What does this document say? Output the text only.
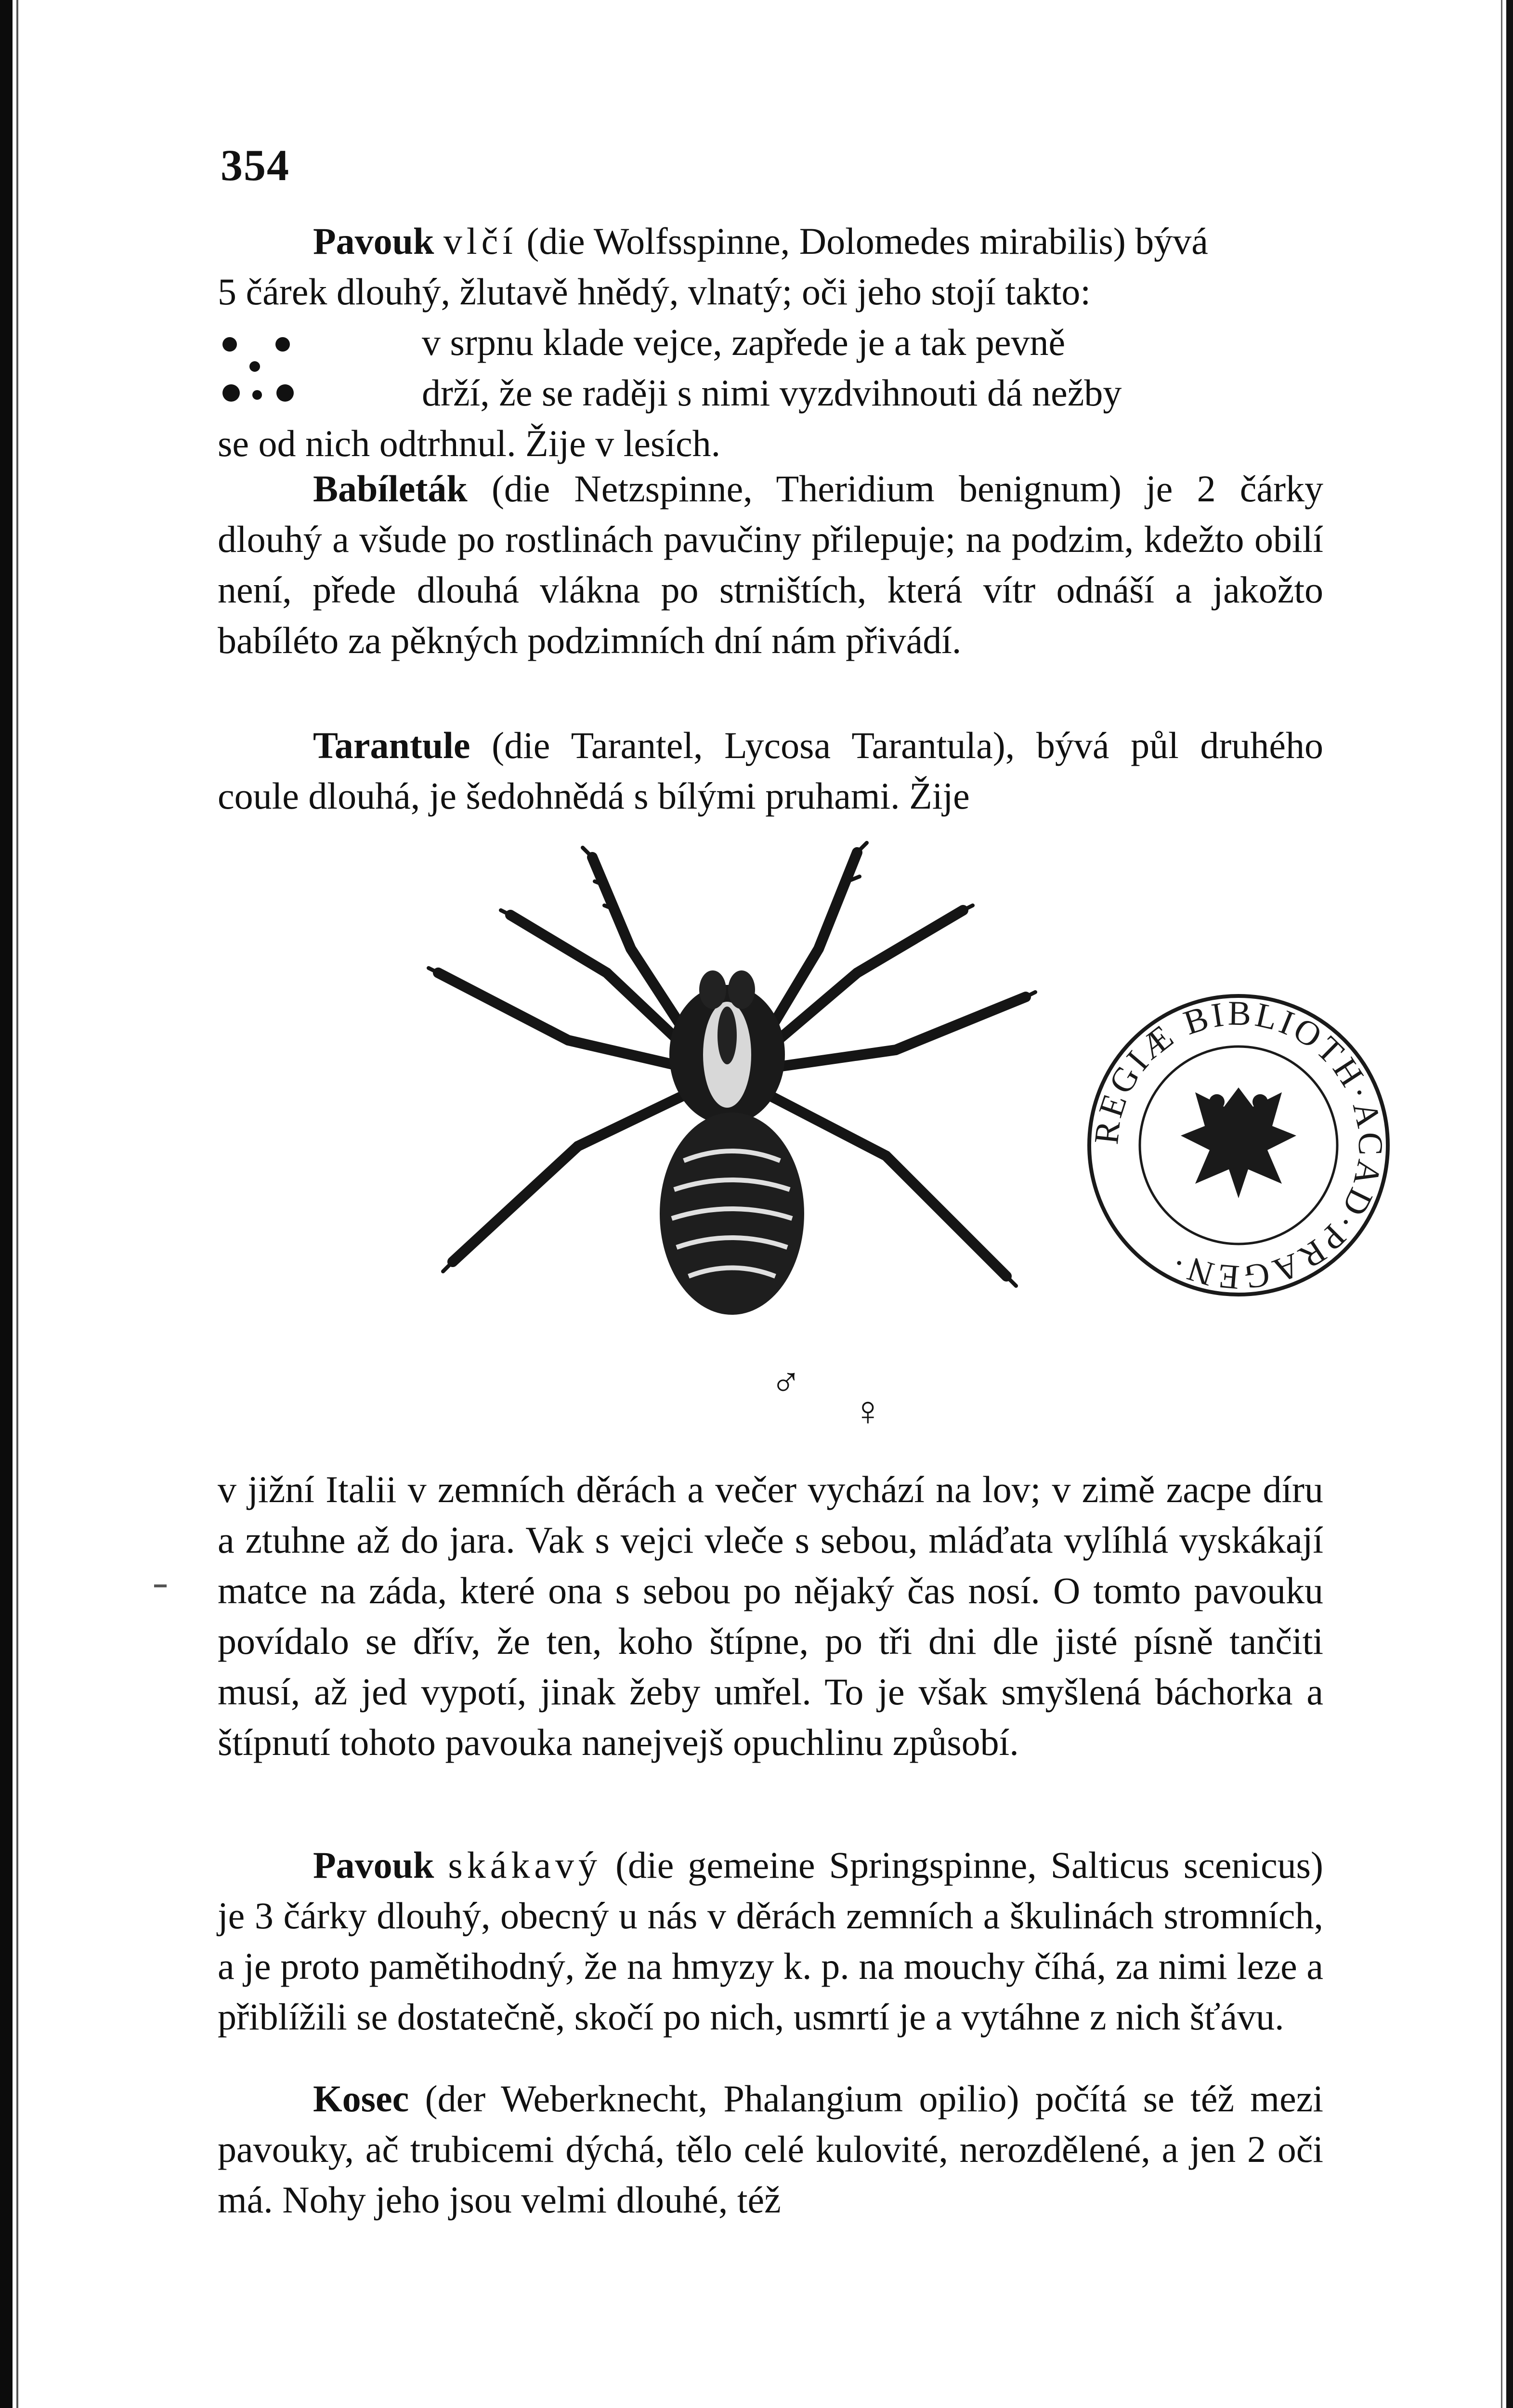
354
Pavouk vlčí (die Wolfsspinne, Dolomedes mirabilis) bývá
5 čárek dlouhý, žlutavě hnědý, vlnatý; oči jeho stojí takto:
v srpnu klade vejce, zapřede je a tak pevně
drží, že se raději s nimi vyzdvihnouti dá nežby
se od nich odtrhnul. Žije v lesích.

Babíleták (die Netzspinne, Theridium benignum) je 2 čárky dlouhý a všude po rostlinách pavučiny přilepuje; na podzim, kdežto obilí není, přede dlouhá vlákna po strništích, která vítr odnáší a jakožto babíléto za pěkných podzimních dní nám přivádí.

Tarantule (die Tarantel, Lycosa Tarantula), bývá půl druhého coule dlouhá, je šedohnědá s bílými pruhami. Žije

♂
♀
REGIÆ BIBLIOTH·ACAD·PRAGEN·

v jižní Italii v zemních děrách a večer vychází na lov; v zimě zacpe díru a ztuhne až do jara. Vak s vejci vleče s sebou, mláďata vylíhlá vyskákají matce na záda, které ona s sebou po nějaký čas nosí. O tomto pavouku povídalo se dřív, že ten, koho štípne, po tři dni dle jisté písně tančiti musí, až jed vypotí, jinak žeby umřel. To je však smyšlená báchorka a štípnutí tohoto pavouka nanejvejš opuchlinu způsobí.

Pavouk skákavý (die gemeine Springspinne, Salticus scenicus) je 3 čárky dlouhý, obecný u nás v děrách zemních a škulinách stromních, a je proto pamětihodný, že na hmyzy k. p. na mouchy číhá, za nimi leze a přiblížili se dostatečně, skočí po nich, usmrtí je a vytáhne z nich šťávu.

Kosec (der Weberknecht, Phalangium opilio) počítá se též mezi pavouky, ač trubicemi dýchá, tělo celé kulovité, nerozdělené, a jen 2 oči má. Nohy jeho jsou velmi dlouhé, též
